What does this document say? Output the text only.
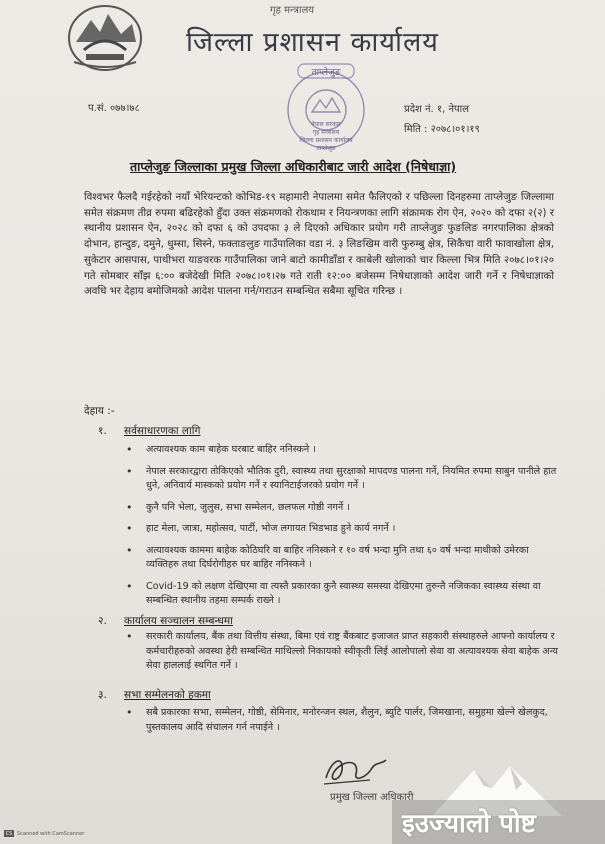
गृह मन्त्रालय
जिल्ला प्रशासन कार्यालय
ताप्लेजुङ
नेपाल सरकार
गृह मन्त्रालय
जिल्ला प्रशासन कार्यालय
ताप्लेजुङ
प.सं. ०७७।७८	प्रदेश नं. १, नेपाल
मिति : २०७८।०१।१९
ताप्लेजुङ जिल्लाका प्रमुख जिल्ला अधिकारीबाट जारी आदेश (निषेधाज्ञा)

विश्वभर फैलदै गईरहेको नयाँ भेरियन्टको कोभिड-१९ महामारी नेपालमा समेत फैलिएको र पछिल्ला दिनहरुमा ताप्लेजुङ जिल्लामा समेत संक्रमण तीव्र रुपमा बढिरहेको हुँदा उक्त संक्रमणको रोकथाम र नियन्त्रणका लागि संक्रामक रोग ऐन, २०२० को दफा २(२) र स्थानीय प्रशासन ऐन, २०२८ को दफा ६ को उपदफा ३ ले दिएको अधिकार प्रयोग गरी ताप्लेजुङ फुङलिङ नगरपालिका क्षेत्रको दोभान, हान्दुङ, दमुने, धुम्सा, सिस्ने, फक्ताङलुङ गाउँपालिका वडा नं. ३ लिङखिम वारी फुरुम्बु क्षेत्र, सिकैचा वारी फावाखोला क्षेत्र, सुकेटार आसपास, पाथीभरा याङवरक गाउँपालिका जाने बाटो कामीडाँडा र काबेली खोलाको चार किल्ला भित्र मिति २०७८।०१।२० गते सोमबार साँझ ६:०० बजेदेखी मिति २०७८।०१।२७ गते राती १२:०० बजेसम्म निषेधाज्ञाको आदेश जारी गर्ने र निषेधाज्ञाको अवधि भर देहाय बमोजिमको आदेश पालना गर्न/गराउन सम्बन्धित सबैमा सूचित गरिन्छ ।

देहाय :-
१. सर्वसाधारणका लागि
• अत्यावश्यक काम बाहेक घरबाट बाहिर ननिस्कने ।
• नेपाल सरकारद्वारा तोकिएको भौतिक दुरी, स्वास्थ्य तथा सुरक्षाको मापदण्ड पालना गर्ने, नियमित रुपमा साबुन पानीले हात धुने, अनिवार्य मास्कको प्रयोग गर्ने र स्यानिटाईजरको प्रयोग गर्ने ।
• कुनै पनि भेला, जुलुस, सभा सम्मेलन, छलफल गोष्ठी नगर्ने ।
• हाट मेला, जात्रा, महोत्सव, पार्टी, भोज लगायत भिडभाड हुने कार्य नगर्ने ।
• अत्यावश्यक काममा बाहेक कोठिघरि वा बाहिर ननिस्कने र १० वर्ष भन्दा मुनि तथा ६० वर्ष भन्दा माथीको उमेरका व्यक्तिहरु तथा दिर्घरोगीहरु घर बाहिर ननिस्कने ।
• Covid-19 को लक्षण देखिएमा वा त्यस्तै प्रकारका कुनै स्वास्थ्य समस्या देखिएमा तुरुन्तै नजिकका स्वास्थ्य संस्था वा सम्बन्धित स्थानीय तहमा सम्पर्क राख्ने ।
२. कार्यालय सञ्चालन सम्बन्धमा
• सरकारी कार्यालय, बैंक तथा वित्तीय संस्था, बिमा एवं राष्ट्र बैंकबाट इजाजत प्राप्त सहकारी संस्थाहरुले आफ्नो कार्यालय र कर्मचारीहरुको अवस्था हेरी सम्बन्धित माथिल्लो निकायको स्वीकृती लिई आलोपालो सेवा वा अत्यावश्यक सेवा बाहेक अन्य सेवा हाललाई स्थगित गर्ने ।
३. सभा सम्मेलनको हकमा
• सबै प्रकारका सभा, सम्मेलन, गोष्ठी, सेमिनार, मनोरन्जन स्थल, शैलुन, ब्युटि पार्लर, जिमखाना, समुहमा खेल्ने खेलकुद, पुस्तकालय आदि संचालन गर्न नपाईने ।
प्रमुख जिल्ला अधिकारी
इउज्यालो पोष्ट
CS Scanned with CamScanner
